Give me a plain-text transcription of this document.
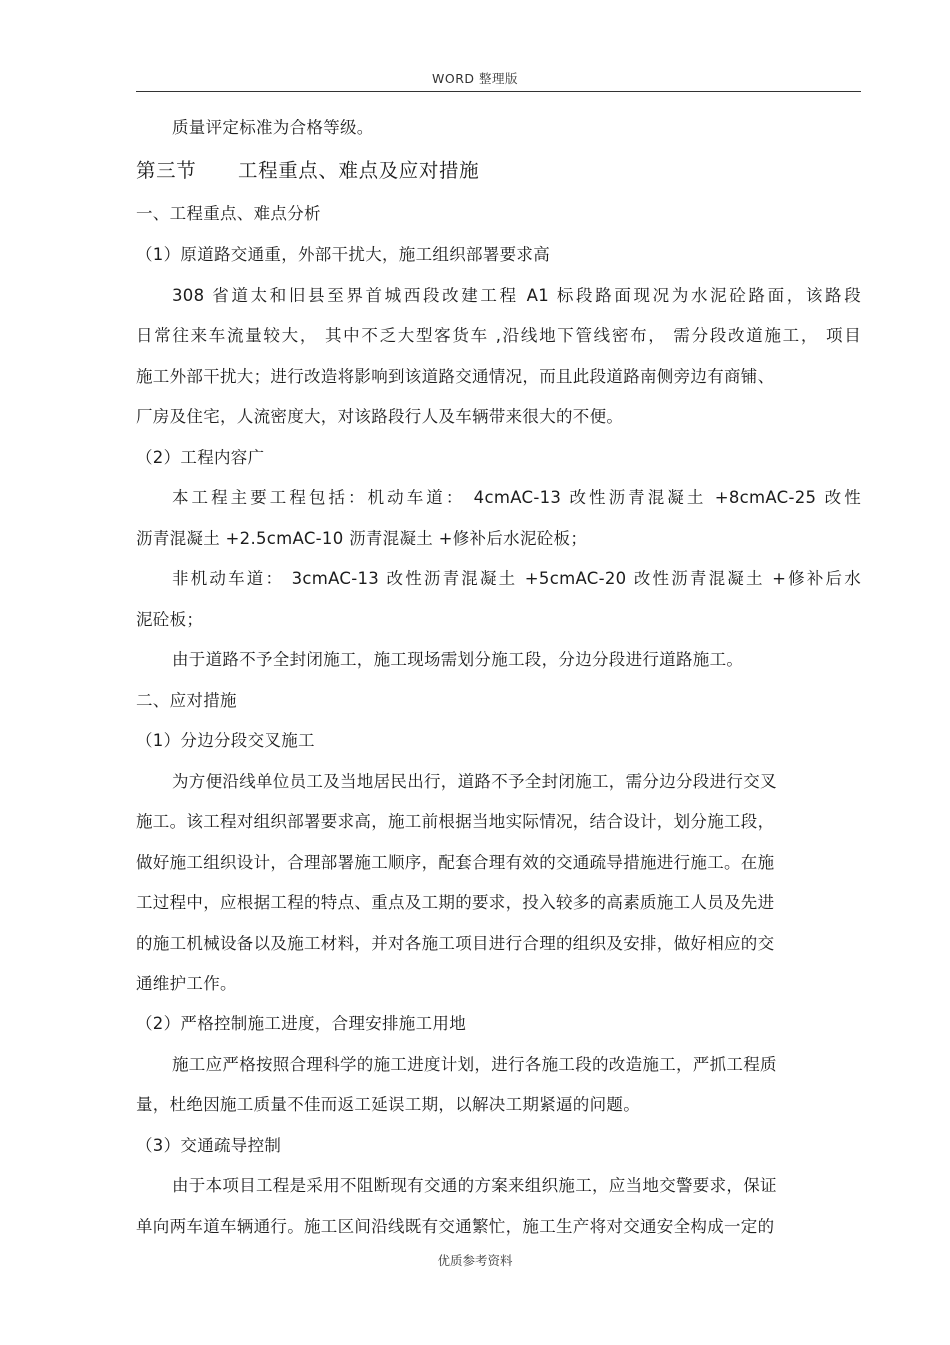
WORD 整理版
质量评定标准为合格等级。
第三节 工程重点、难点及应对措施
一、工程重点、难点分析
（1）原道路交通重，外部干扰大，施工组织部署要求高
308 省道太和旧县至界首城西段改建工程 A1 标段路面现况为水泥砼路面，该路段
日常往来车流量较大， 其中不乏大型客货车 ,沿线地下管线密布， 需分段改道施工， 项目
施工外部干扰大；进行改造将影响到该道路交通情况，而且此段道路南侧旁边有商铺、
厂房及住宅，人流密度大，对该路段行人及车辆带来很大的不便。
（2）工程内容广
本工程主要工程包括：机动车道： 4cmAC-13 改性沥青混凝土 +8cmAC-25 改性
沥青混凝土 +2.5cmAC-10 沥青混凝土 +修补后水泥砼板；
非机动车道： 3cmAC-13 改性沥青混凝土 +5cmAC-20 改性沥青混凝土 +修补后水
泥砼板；
由于道路不予全封闭施工，施工现场需划分施工段，分边分段进行道路施工。
二、应对措施
（1）分边分段交叉施工
为方便沿线单位员工及当地居民出行，道路不予全封闭施工，需分边分段进行交叉
施工。该工程对组织部署要求高，施工前根据当地实际情况，结合设计，划分施工段，
做好施工组织设计，合理部署施工顺序，配套合理有效的交通疏导措施进行施工。在施
工过程中，应根据工程的特点、重点及工期的要求，投入较多的高素质施工人员及先进
的施工机械设备以及施工材料，并对各施工项目进行合理的组织及安排，做好相应的交
通维护工作。
（2）严格控制施工进度，合理安排施工用地
施工应严格按照合理科学的施工进度计划，进行各施工段的改造施工，严抓工程质
量，杜绝因施工质量不佳而返工延误工期，以解决工期紧逼的问题。
（3）交通疏导控制
由于本项目工程是采用不阻断现有交通的方案来组织施工，应当地交警要求，保证
单向两车道车辆通行。施工区间沿线既有交通繁忙，施工生产将对交通安全构成一定的
优质参考资料
